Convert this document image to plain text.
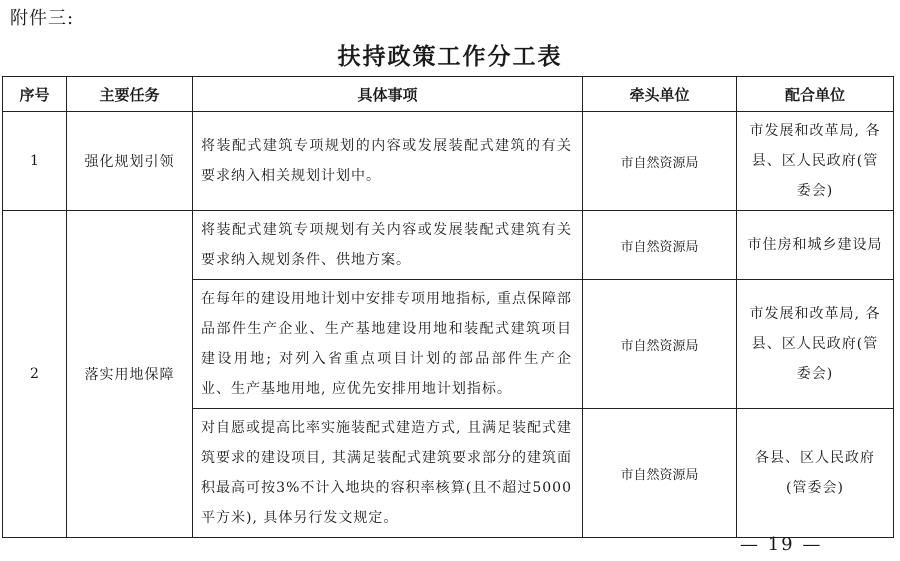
附件三:
扶持政策工作分工表
序号	主要任务	具体事项	牵头单位	配合单位
1	强化规划引领	将装配式建筑专项规划的内容或发展装配式建筑的有关要求纳入相关规划计划中。	市自然资源局	市发展和改革局, 各县、区人民政府(管委会)
2	落实用地保障	将装配式建筑专项规划有关内容或发展装配式建筑有关要求纳入规划条件、供地方案。	市自然资源局	市住房和城乡建设局
		在每年的建设用地计划中安排专项用地指标, 重点保障部品部件生产企业、生产基地建设用地和装配式建筑项目建设用地; 对列入省重点项目计划的部品部件生产企业、生产基地用地, 应优先安排用地计划指标。	市自然资源局	市发展和改革局, 各县、区人民政府(管委会)
		对自愿或提高比率实施装配式建造方式, 且满足装配式建筑要求的建设项目, 其满足装配式建筑要求部分的建筑面积最高可按3%不计入地块的容积率核算(且不超过5000平方米), 具体另行发文规定。	市自然资源局	各县、区人民政府(管委会)
— 19 —
